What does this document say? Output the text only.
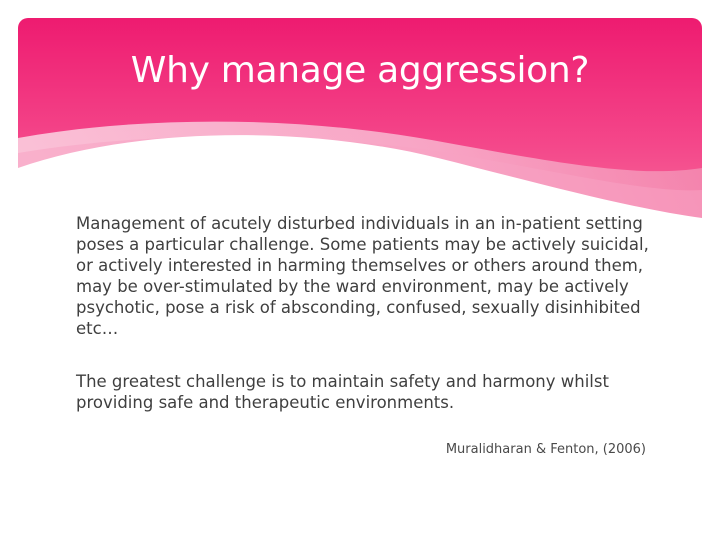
Why manage aggression?

Management of acutely disturbed individuals in an in-patient setting poses a particular challenge. Some patients may be actively suicidal, or actively interested in harming themselves or others around them, may be over-stimulated by the ward environment, may be actively psychotic, pose a risk of absconding, confused, sexually disinhibited etc…

The greatest challenge is to maintain safety and harmony whilst providing safe and therapeutic environments.

Muralidharan & Fenton, (2006)
